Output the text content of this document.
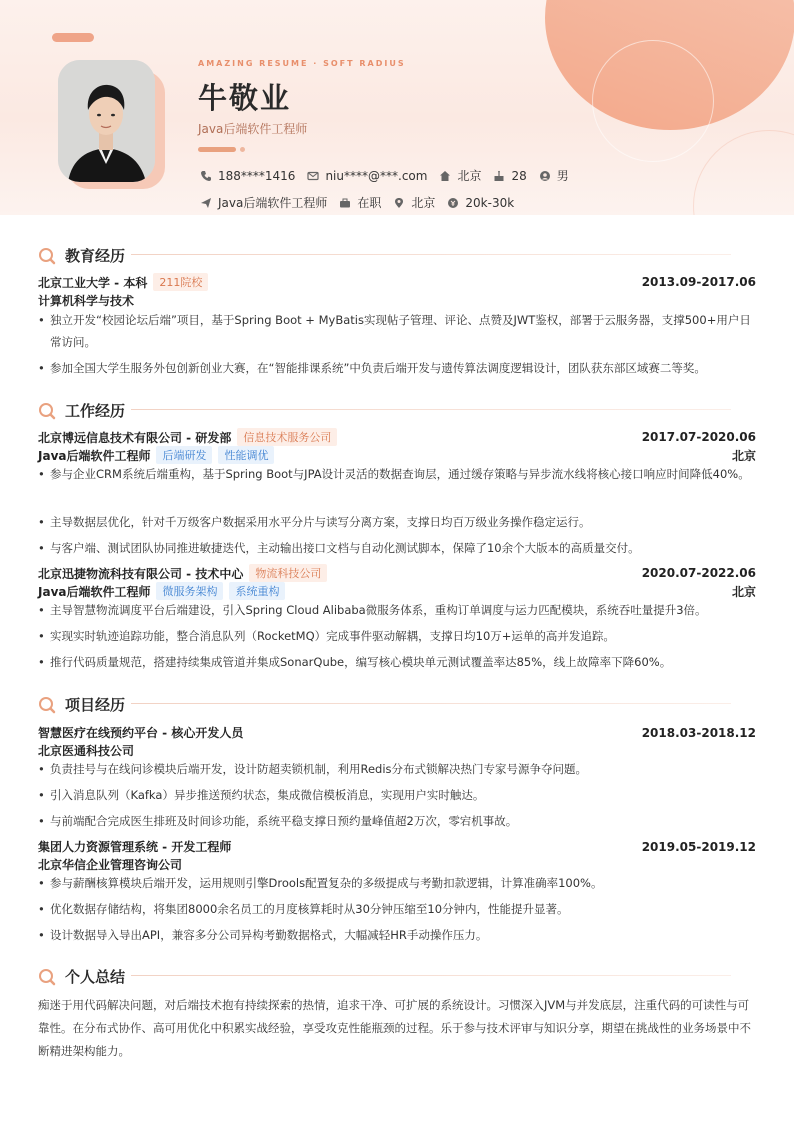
AMAZING RESUME · SOFT RADIUS
牛敬业
Java后端软件工程师
188****1416	niu****@***.com	北京	28	男
Java后端软件工程师	在职	北京	20k-30k
教育经历
北京工业大学 - 本科	211院校	2013.09-2017.06
计算机科学与技术
• 独立开发“校园论坛后端”项目，基于Spring Boot + MyBatis实现帖子管理、评论、点赞及JWT鉴权，部署于云服务器，支撑500+用户日常访问。
• 参加全国大学生服务外包创新创业大赛，在“智能排课系统”中负责后端开发与遗传算法调度逻辑设计，团队获东部区域赛二等奖。
工作经历
北京博远信息技术有限公司 - 研发部	信息技术服务公司	2017.07-2020.06
Java后端软件工程师	后端研发	性能调优	北京
• 参与企业CRM系统后端重构，基于Spring Boot与JPA设计灵活的数据查询层，通过缓存策略与异步流水线将核心接口响应时间降低40%。
• 主导数据层优化，针对千万级客户数据采用水平分片与读写分离方案，支撑日均百万级业务操作稳定运行。
• 与客户端、测试团队协同推进敏捷迭代，主动输出接口文档与自动化测试脚本，保障了10余个大版本的高质量交付。
北京迅捷物流科技有限公司 - 技术中心	物流科技公司	2020.07-2022.06
Java后端软件工程师	微服务架构	系统重构	北京
• 主导智慧物流调度平台后端建设，引入Spring Cloud Alibaba微服务体系，重构订单调度与运力匹配模块，系统吞吐量提升3倍。
• 实现实时轨迹追踪功能，整合消息队列（RocketMQ）完成事件驱动解耦，支撑日均10万+运单的高并发追踪。
• 推行代码质量规范，搭建持续集成管道并集成SonarQube，编写核心模块单元测试覆盖率达85%，线上故障率下降60%。
项目经历
智慧医疗在线预约平台 - 核心开发人员	2018.03-2018.12
北京医通科技公司
• 负责挂号与在线问诊模块后端开发，设计防超卖锁机制，利用Redis分布式锁解决热门专家号源争夺问题。
• 引入消息队列（Kafka）异步推送预约状态，集成微信模板消息，实现用户实时触达。
• 与前端配合完成医生排班及时间诊功能，系统平稳支撑日预约量峰值超2万次，零宕机事故。
集团人力资源管理系统 - 开发工程师	2019.05-2019.12
北京华信企业管理咨询公司
• 参与薪酬核算模块后端开发，运用规则引擎Drools配置复杂的多级提成与考勤扣款逻辑，计算准确率100%。
• 优化数据存储结构，将集团8000余名员工的月度核算耗时从30分钟压缩至10分钟内，性能提升显著。
• 设计数据导入导出API，兼容多分公司异构考勤数据格式，大幅减轻HR手动操作压力。
个人总结
痴迷于用代码解决问题，对后端技术抱有持续探索的热情，追求干净、可扩展的系统设计。习惯深入JVM与并发底层，注重代码的可读性与可靠性。在分布式协作、高可用优化中积累实战经验，享受攻克性能瓶颈的过程。乐于参与技术评审与知识分享，期望在挑战性的业务场景中不断精进架构能力。
